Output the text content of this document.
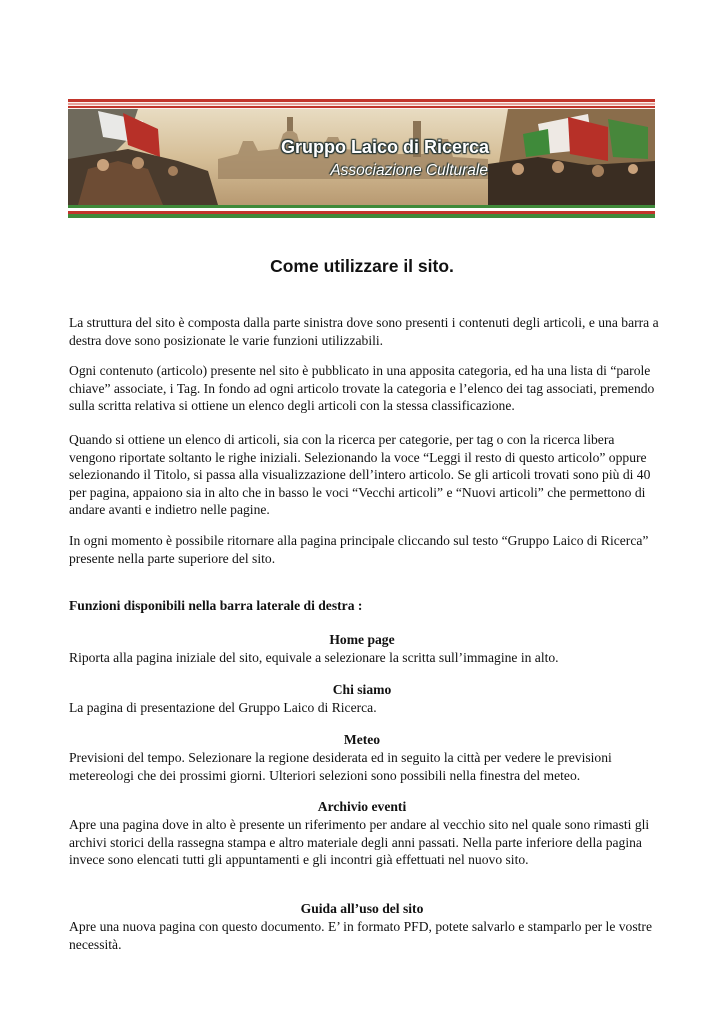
Gruppo Laico di Ricerca
Associazione Culturale
Come utilizzare il sito.

La struttura del sito è composta dalla parte sinistra dove sono presenti i contenuti degli articoli, e una barra a destra dove sono posizionate le varie funzioni utilizzabili.

Ogni contenuto (articolo) presente nel sito è pubblicato in una apposita categoria, ed ha una lista di “parole chiave” associate, i Tag. In fondo ad ogni articolo trovate la categoria e l’elenco dei tag associati, premendo sulla scritta relativa si ottiene un elenco degli articoli con la stessa classificazione.

Quando si ottiene un elenco di articoli, sia con la ricerca per categorie, per tag o con la ricerca libera vengono riportate soltanto le righe iniziali. Selezionando la voce “Leggi il resto di questo articolo” oppure selezionando il Titolo, si passa alla visualizzazione dell’intero articolo. Se gli articoli trovati sono più di 40 per pagina, appaiono sia in alto che in basso le voci “Vecchi articoli” e “Nuovi articoli” che permettono di andare avanti e indietro nelle pagine.

In ogni momento è possibile ritornare alla pagina principale cliccando sul testo “Gruppo Laico di Ricerca” presente nella parte superiore del sito.

Funzioni disponibili nella barra laterale di destra :

Home page

Riporta alla pagina iniziale del sito, equivale a selezionare la scritta sull’immagine in alto.

Chi siamo

La pagina di presentazione del Gruppo Laico di Ricerca.

Meteo

Previsioni del tempo. Selezionare la regione desiderata ed in seguito la città per vedere le previsioni metereologi che dei prossimi giorni. Ulteriori selezioni sono possibili nella finestra del meteo.

Archivio eventi

Apre una pagina dove in alto è presente un riferimento per andare al vecchio sito nel quale sono rimasti gli archivi storici della rassegna stampa e altro materiale degli anni passati. Nella parte inferiore della pagina invece sono elencati tutti gli appuntamenti e gli incontri già effettuati nel nuovo sito.

Guida all’uso del sito

Apre una nuova pagina con questo documento. E’ in formato PFD, potete salvarlo e stamparlo per le vostre necessità.
